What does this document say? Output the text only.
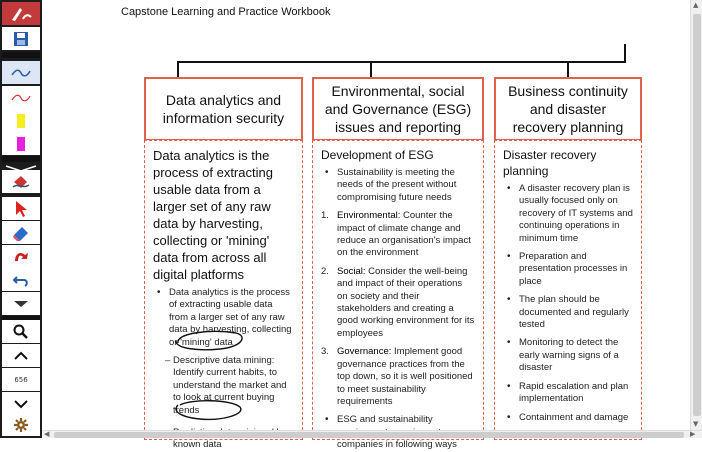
656
Capstone Learning and Practice Workbook
Data analytics and information security
Environmental, social and Governance (ESG) issues and reporting
Business continuity and disaster recovery planning
Data analytics is the process of extracting usable data from a larger set of any raw data by harvesting, collecting or 'mining' data from across all digital platforms
• Data analytics is the process of extracting usable data from a larger set of any raw data by harvesting, collecting or 'mining' data
– Descriptive data mining: Identify current habits, to understand the market and to look at current buying trends
– known data
Development of ESG
• Sustainability is meeting the needs of the present without compromising future needs
1. Environmental: Counter the impact of climate change and reduce an organisation's impact on the environment
2. Social: Consider the well-being and impact of their operations on society and their stakeholders and creating a good working environment for its employees
3. Governance: Implement good governance practices from the top down, so it is well positioned to meet sustainability requirements
• ESG and sustainability companies in following ways
Disaster recovery planning
• A disaster recovery plan is usually focused only on recovery of IT systems and continuing operations in minimum time
• Preparation and presentation processes in place
• The plan should be documented and regularly tested
• Monitoring to detect the early warning signs of a disaster
• Rapid escalation and plan implementation
• Containment and damage
▲
▼
◀	▶
